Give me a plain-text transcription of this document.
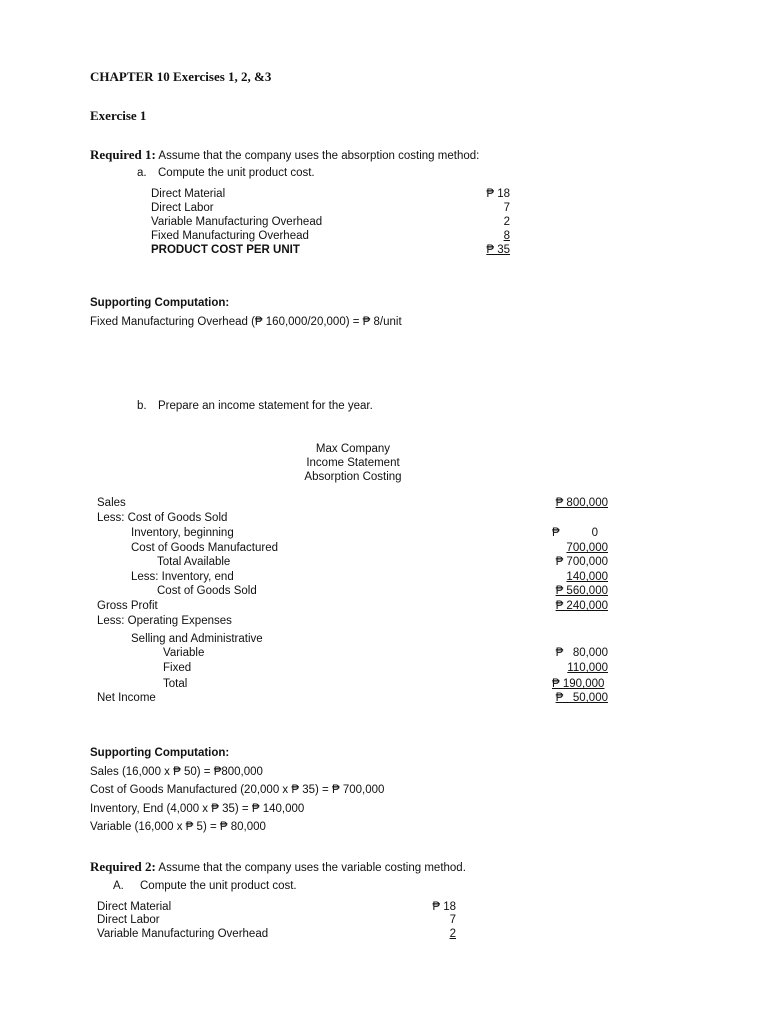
CHAPTER 10 Exercises 1, 2, &3
Exercise 1
Required 1: Assume that the company uses the absorption costing method:
a. Compute the unit product cost.
Direct Material	₱ 18
Direct Labor	7
Variable Manufacturing Overhead	2
Fixed Manufacturing Overhead	8
PRODUCT COST PER UNIT	₱ 35
Supporting Computation:
Fixed Manufacturing Overhead (₱ 160,000/20,000) = ₱ 8/unit
b. Prepare an income statement for the year.
Max Company
Income Statement
Absorption Costing
Sales	₱ 800,000
Less: Cost of Goods Sold
Inventory, beginning	₱          0
Cost of Goods Manufactured	700,000
Total Available	₱ 700,000
Less: Inventory, end	140,000
Cost of Goods Sold	₱ 560,000
Gross Profit	₱ 240,000
Less: Operating Expenses
Selling and Administrative
Variable	₱   80,000
Fixed	110,000
Total	₱ 190,000
Net Income	₱   50,000
Supporting Computation:
Sales (16,000 x ₱ 50) = ₱800,000
Cost of Goods Manufactured (20,000 x ₱ 35) = ₱ 700,000
Inventory, End (4,000 x ₱ 35) = ₱ 140,000
Variable (16,000 x ₱ 5) = ₱ 80,000
Required 2: Assume that the company uses the variable costing method.
A. Compute the unit product cost.
Direct Material	₱ 18
Direct Labor	7
Variable Manufacturing Overhead	2
